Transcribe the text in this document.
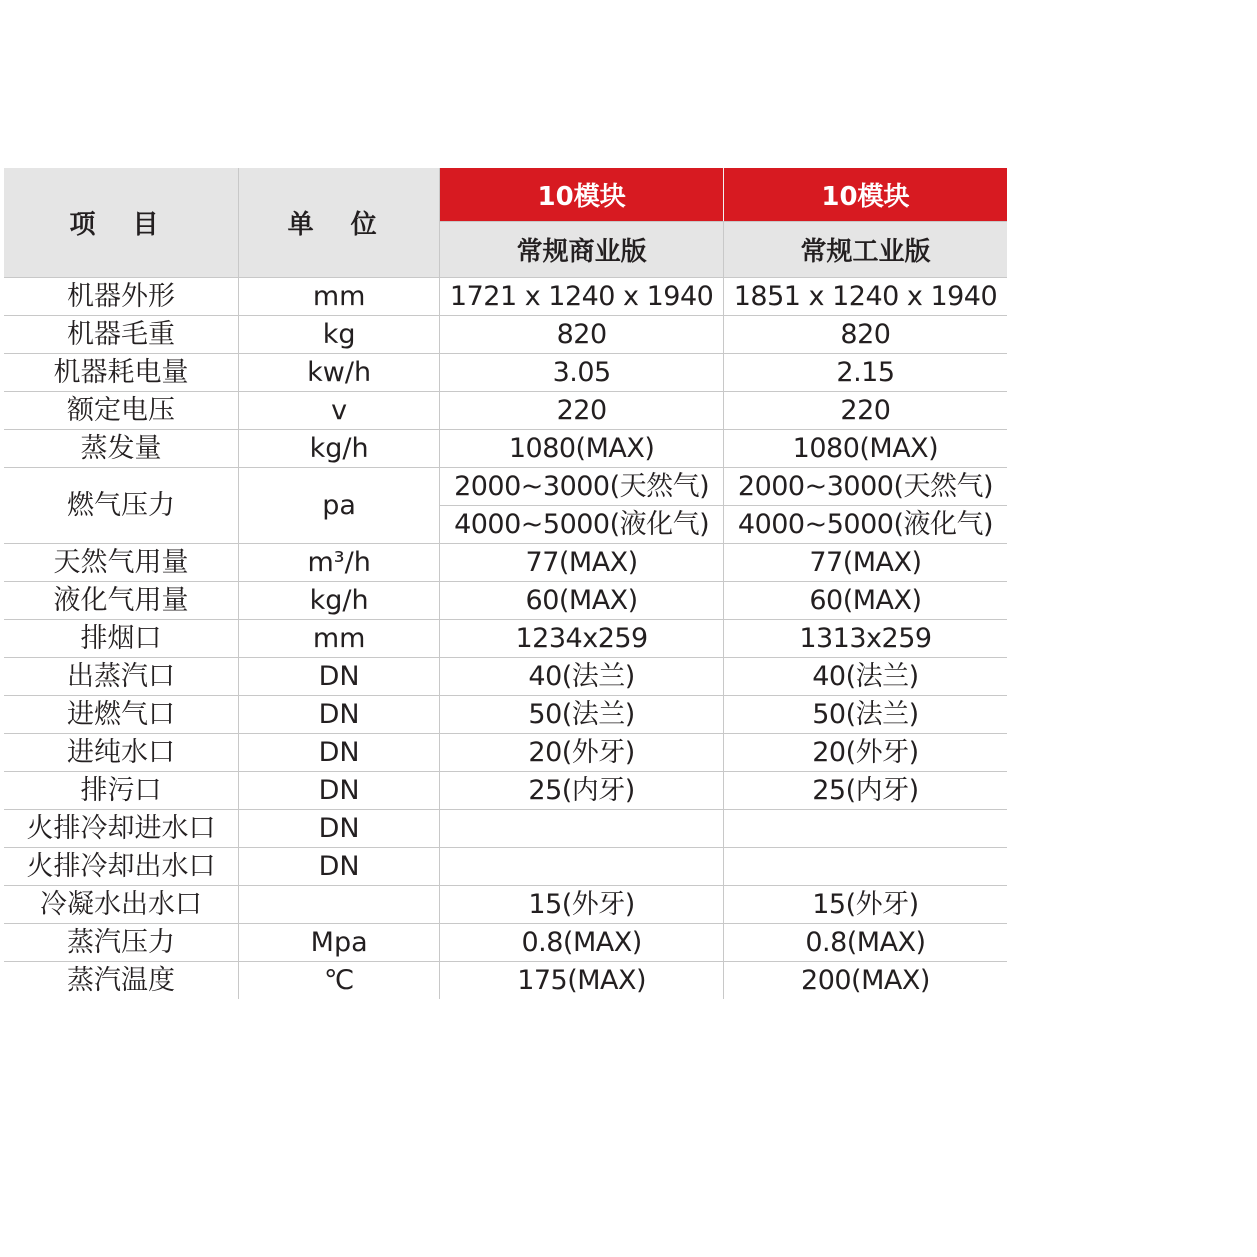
项 目	单 位	10模块	10模块
		常规商业版	常规工业版
机器外形	mm	1721 x 1240 x 1940	1851 x 1240 x 1940
机器毛重	kg	820	820
机器耗电量	kw/h	3.05	2.15
额定电压	v	220	220
蒸发量	kg/h	1080(MAX)	1080(MAX)
燃气压力	pa	2000~3000(天然气)	2000~3000(天然气)
		4000~5000(液化气)	4000~5000(液化气)
天然气用量	m³/h	77(MAX)	77(MAX)
液化气用量	kg/h	60(MAX)	60(MAX)
排烟口	mm	1234x259	1313x259
出蒸汽口	DN	40(法兰)	40(法兰)
进燃气口	DN	50(法兰)	50(法兰)
进纯水口	DN	20(外牙)	20(外牙)
排污口	DN	25(内牙)	25(内牙)
火排冷却进水口	DN		
火排冷却出水口	DN		
冷凝水出水口		15(外牙)	15(外牙)
蒸汽压力	Mpa	0.8(MAX)	0.8(MAX)
蒸汽温度	℃	175(MAX)	200(MAX)
